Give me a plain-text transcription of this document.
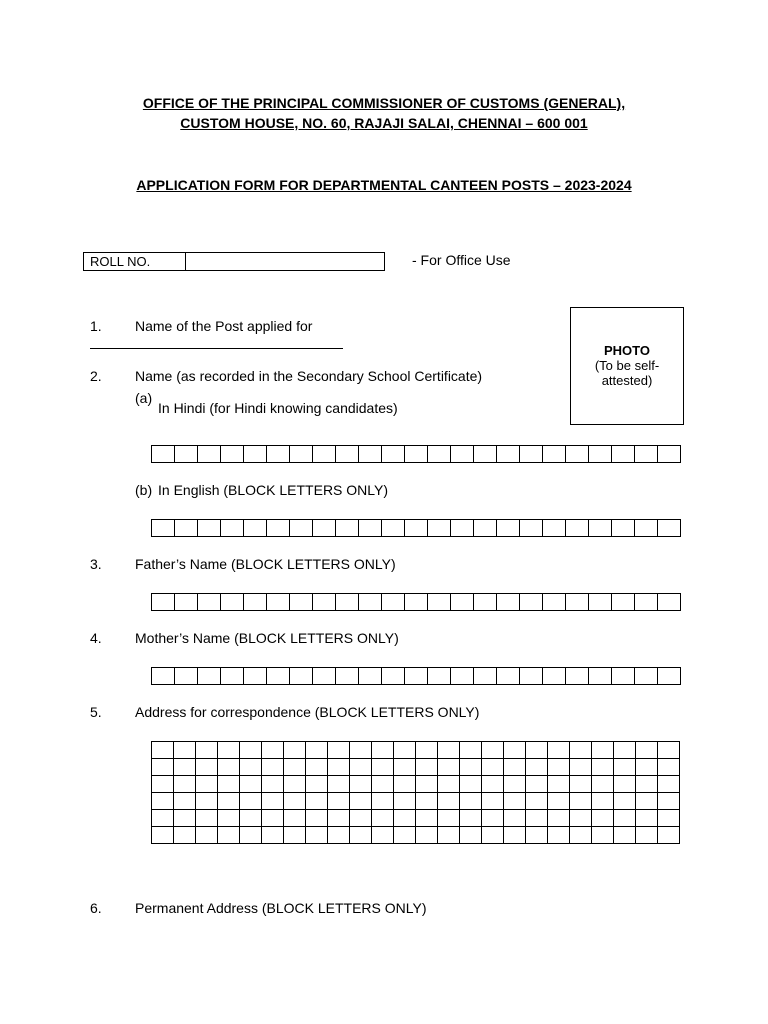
OFFICE OF THE PRINCIPAL COMMISSIONER OF CUSTOMS (GENERAL),
CUSTOM HOUSE, NO. 60, RAJAJI SALAI, CHENNAI – 600 001
APPLICATION FORM FOR DEPARTMENTAL CANTEEN POSTS – 2023-2024
ROLL NO.	- For Office Use
PHOTO
(To be self-
attested)
1. Name of the Post applied for
2. Name (as recorded in the Secondary School Certificate)
(a)
In Hindi (for Hindi knowing candidates)
(b) In English (BLOCK LETTERS ONLY)
3. Father’s Name (BLOCK LETTERS ONLY)
4. Mother’s Name (BLOCK LETTERS ONLY)
5. Address for correspondence (BLOCK LETTERS ONLY)
6. Permanent Address (BLOCK LETTERS ONLY)
